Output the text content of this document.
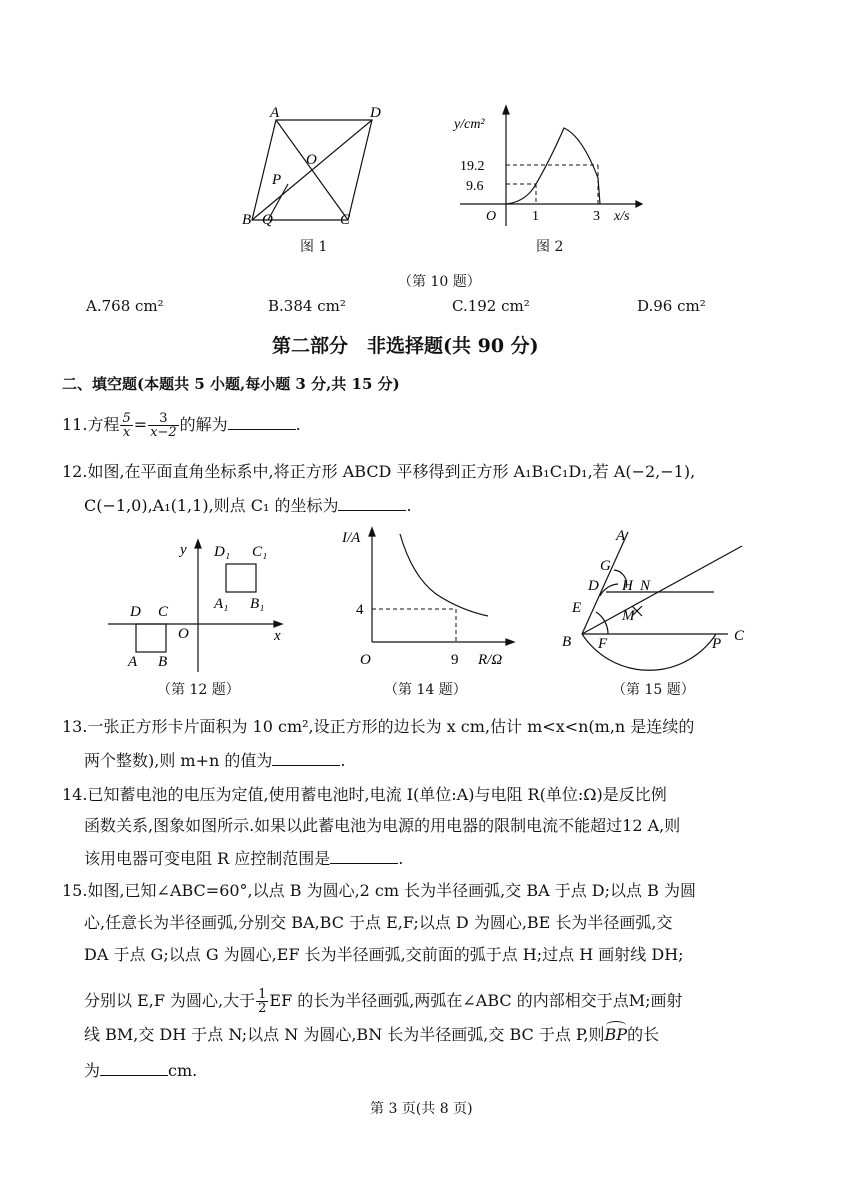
A	D
O
P
B Q	C
图 1
y/cm²
19.2
9.6
O	1	3 x/s
图 2
（第 10 题）
A.768 cm²	B.384 cm²	C.192 cm²	D.96 cm²
第二部分　非选择题(共 90 分)
二、填空题(本题共 5 小题,每小题 3 分,共 15 分)
11.方程 $\frac{5}{x} = \frac{3}{x-2}$ 的解为	.
12.如图,在平面直角坐标系中,将正方形 ABCD 平移得到正方形 A₁B₁C₁D₁,若 A(−2,−1),
C(−1,0),A₁(1,1),则点 C₁ 的坐标为	.
y D₁ C₁
A₁ B₁
D C
O	x
A B
（第 12 题）
I/A
4
O	9 R/Ω
（第 14 题）
A
G
D H N
M
E
B F	P C
（第 15 题）
13.一张正方形卡片面积为 10 cm²,设正方形的边长为 x cm,估计 m<x<n(m,n 是连续的
两个整数),则 m+n 的值为	.
14.已知蓄电池的电压为定值,使用蓄电池时,电流 I(单位:A)与电阻 R(单位:Ω)是反比例
函数关系,图象如图所示.如果以此蓄电池为电源的用电器的限制电流不能超过12 A,则
该用电器可变电阻 R 应控制范围是	.
15.如图,已知∠ABC=60°,以点 B 为圆心,2 cm 长为半径画弧,交 BA 于点 D;以点 B 为圆
心,任意长为半径画弧,分别交 BA,BC 于点 E,F;以点 D 为圆心,BE 长为半径画弧,交
DA 于点 G;以点 G 为圆心,EF 长为半径画弧,交前面的弧于点 H;过点 H 画射线 DH;
分别以 E,F 为圆心,大于 $\frac{1}{2}$ EF 的长为半径画弧,两弧在∠ABC 的内部相交于点M;画射
线 BM,交 DH 于点 N;以点 N 为圆心,BN 长为半径画弧,交 BC 于点 P,则BP的长
为	cm.
第 3 页(共 8 页)
